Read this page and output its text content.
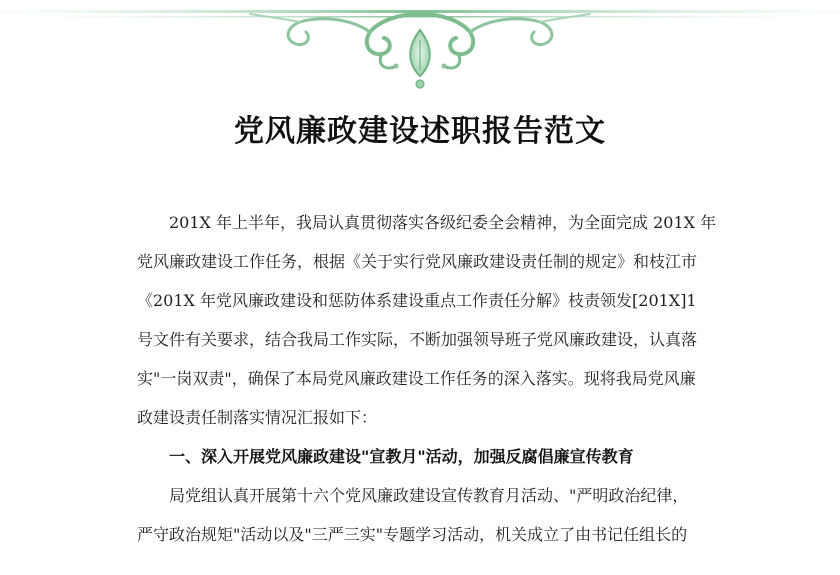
党风廉政建设述职报告范文
201X 年上半年，我局认真贯彻落实各级纪委全会精神，为全面完成 201X 年
党风廉政建设工作任务，根据《关于实行党风廉政建设责任制的规定》和枝江市
《201X 年党风廉政建设和惩防体系建设重点工作责任分解》枝责领发[201X]1
号文件有关要求，结合我局工作实际，不断加强领导班子党风廉政建设，认真落
实"一岗双责"，确保了本局党风廉政建设工作任务的深入落实。现将我局党风廉
政建设责任制落实情况汇报如下：
一、深入开展党风廉政建设"宣教月"活动，加强反腐倡廉宣传教育
局党组认真开展第十六个党风廉政建设宣传教育月活动、"严明政治纪律，
严守政治规矩"活动以及"三严三实"专题学习活动，机关成立了由书记任组长的
